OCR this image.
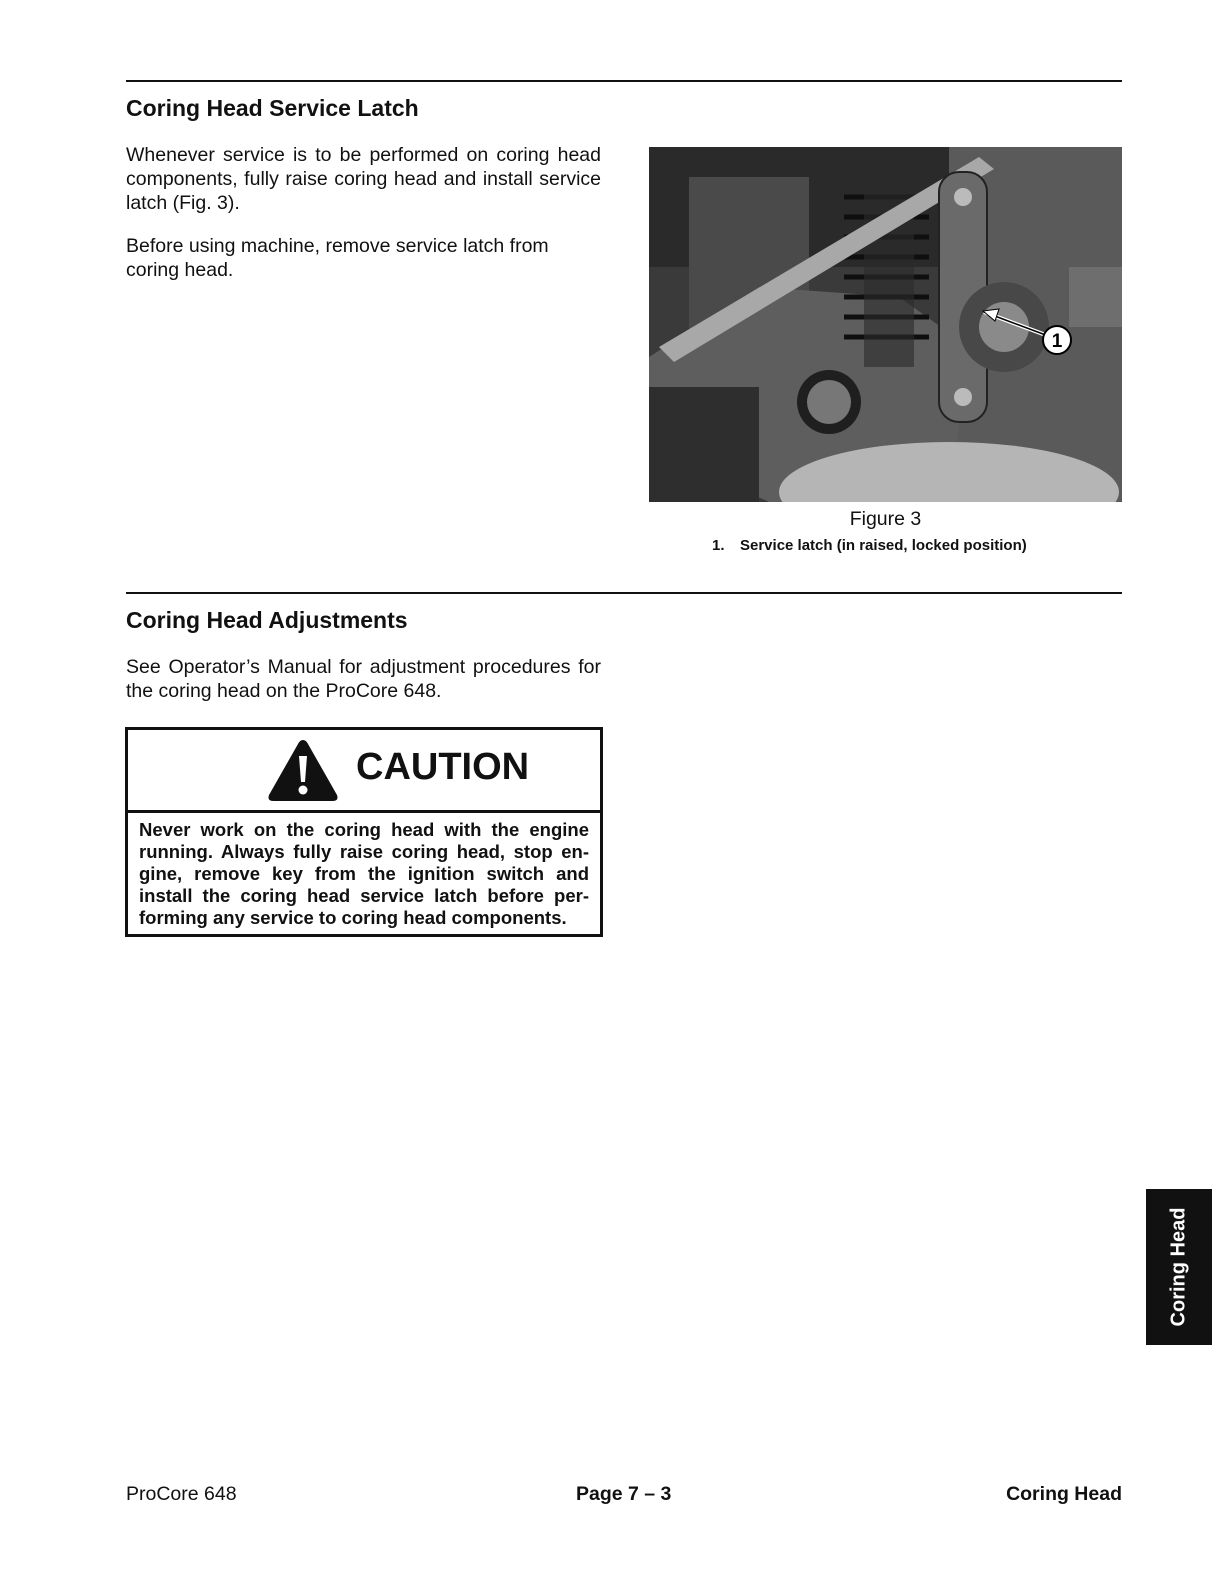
Coring Head Service Latch

Whenever service is to be performed on coring head components, fully raise coring head and install service latch (Fig. 3).

Before using machine, remove service latch from coring head.

1
Figure 3
1. Service latch (in raised, locked position)
Coring Head Adjustments

See Operator’s Manual for adjustment procedures for the coring head on the ProCore 648.

CAUTION

Never work on the coring head with the engine running. Always fully raise coring head, stop en-gine, remove key from the ignition switch and install the coring head service latch before per-forming any service to coring head components.

Coring Head
ProCore 648	Page 7 – 3	Coring Head
